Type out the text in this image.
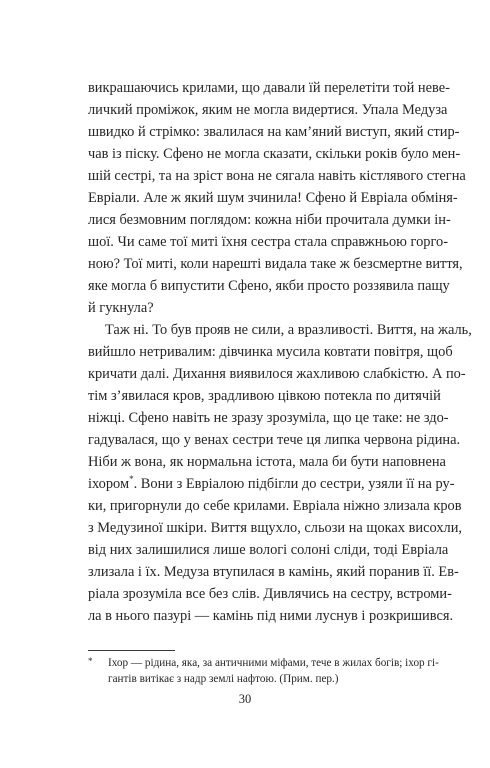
викрашаючись крилами, що давали їй перелетіти той невe-
личкий проміжок, яким не могла видертися. Упала Медуза
швидко й стрімко: звалилася на кам’яний виступ, який стир-
чав із піску. Сфено не могла сказати, скільки років було мен-
шій сестрі, та на зріст вона не сягала навіть кістлявого стегна
Евріали. Але ж який шум зчинила! Сфено й Евріала обміня-
лися безмовним поглядом: кожна ніби прочитала думки ін-
шої. Чи саме тої миті їхня сестра стала справжньою горго-
ною? Тої миті, коли нарешті видала таке ж безсмертне виття,
яке могла б випустити Сфено, якби просто роззявила пащу
й гукнула?
Таж ні. То був прояв не сили, а вразливості. Виття, на жаль,
вийшло нетривалим: дівчинка мусила ковтати повітря, щоб
кричати далі. Дихання виявилося жахливою слабкістю. А по-
тім з’явилася кров, зрадливою цівкою потекла по дитячій
ніжці. Сфено навіть не зразу зрозуміла, що це таке: не здо-
гадувалася, що у венах сестри тече ця липка червона рідина.
Ніби ж вона, як нормальна істота, мала би бути наповнена
іхором*. Вони з Евріалою підбігли до сестри, узяли її на ру-
ки, пригорнули до себе крилами. Евріала ніжно злизала кров
з Медузиної шкіри. Виття вщухло, сльози на щоках висохли,
від них залишилися лише вологі солоні сліди, тоді Евріала
злизала і їх. Медуза втупилася в камінь, який поранив її. Ев-
ріала зрозуміла все без слів. Дивлячись на сестру, встроми-
ла в нього пазурі — камінь під ними луснув і розкришився.
* Іхор — рідина, яка, за античними міфами, тече в жилах богів; іхор гі-
гантів витікає з надр землі нафтою. (Прим. пер.)
30
